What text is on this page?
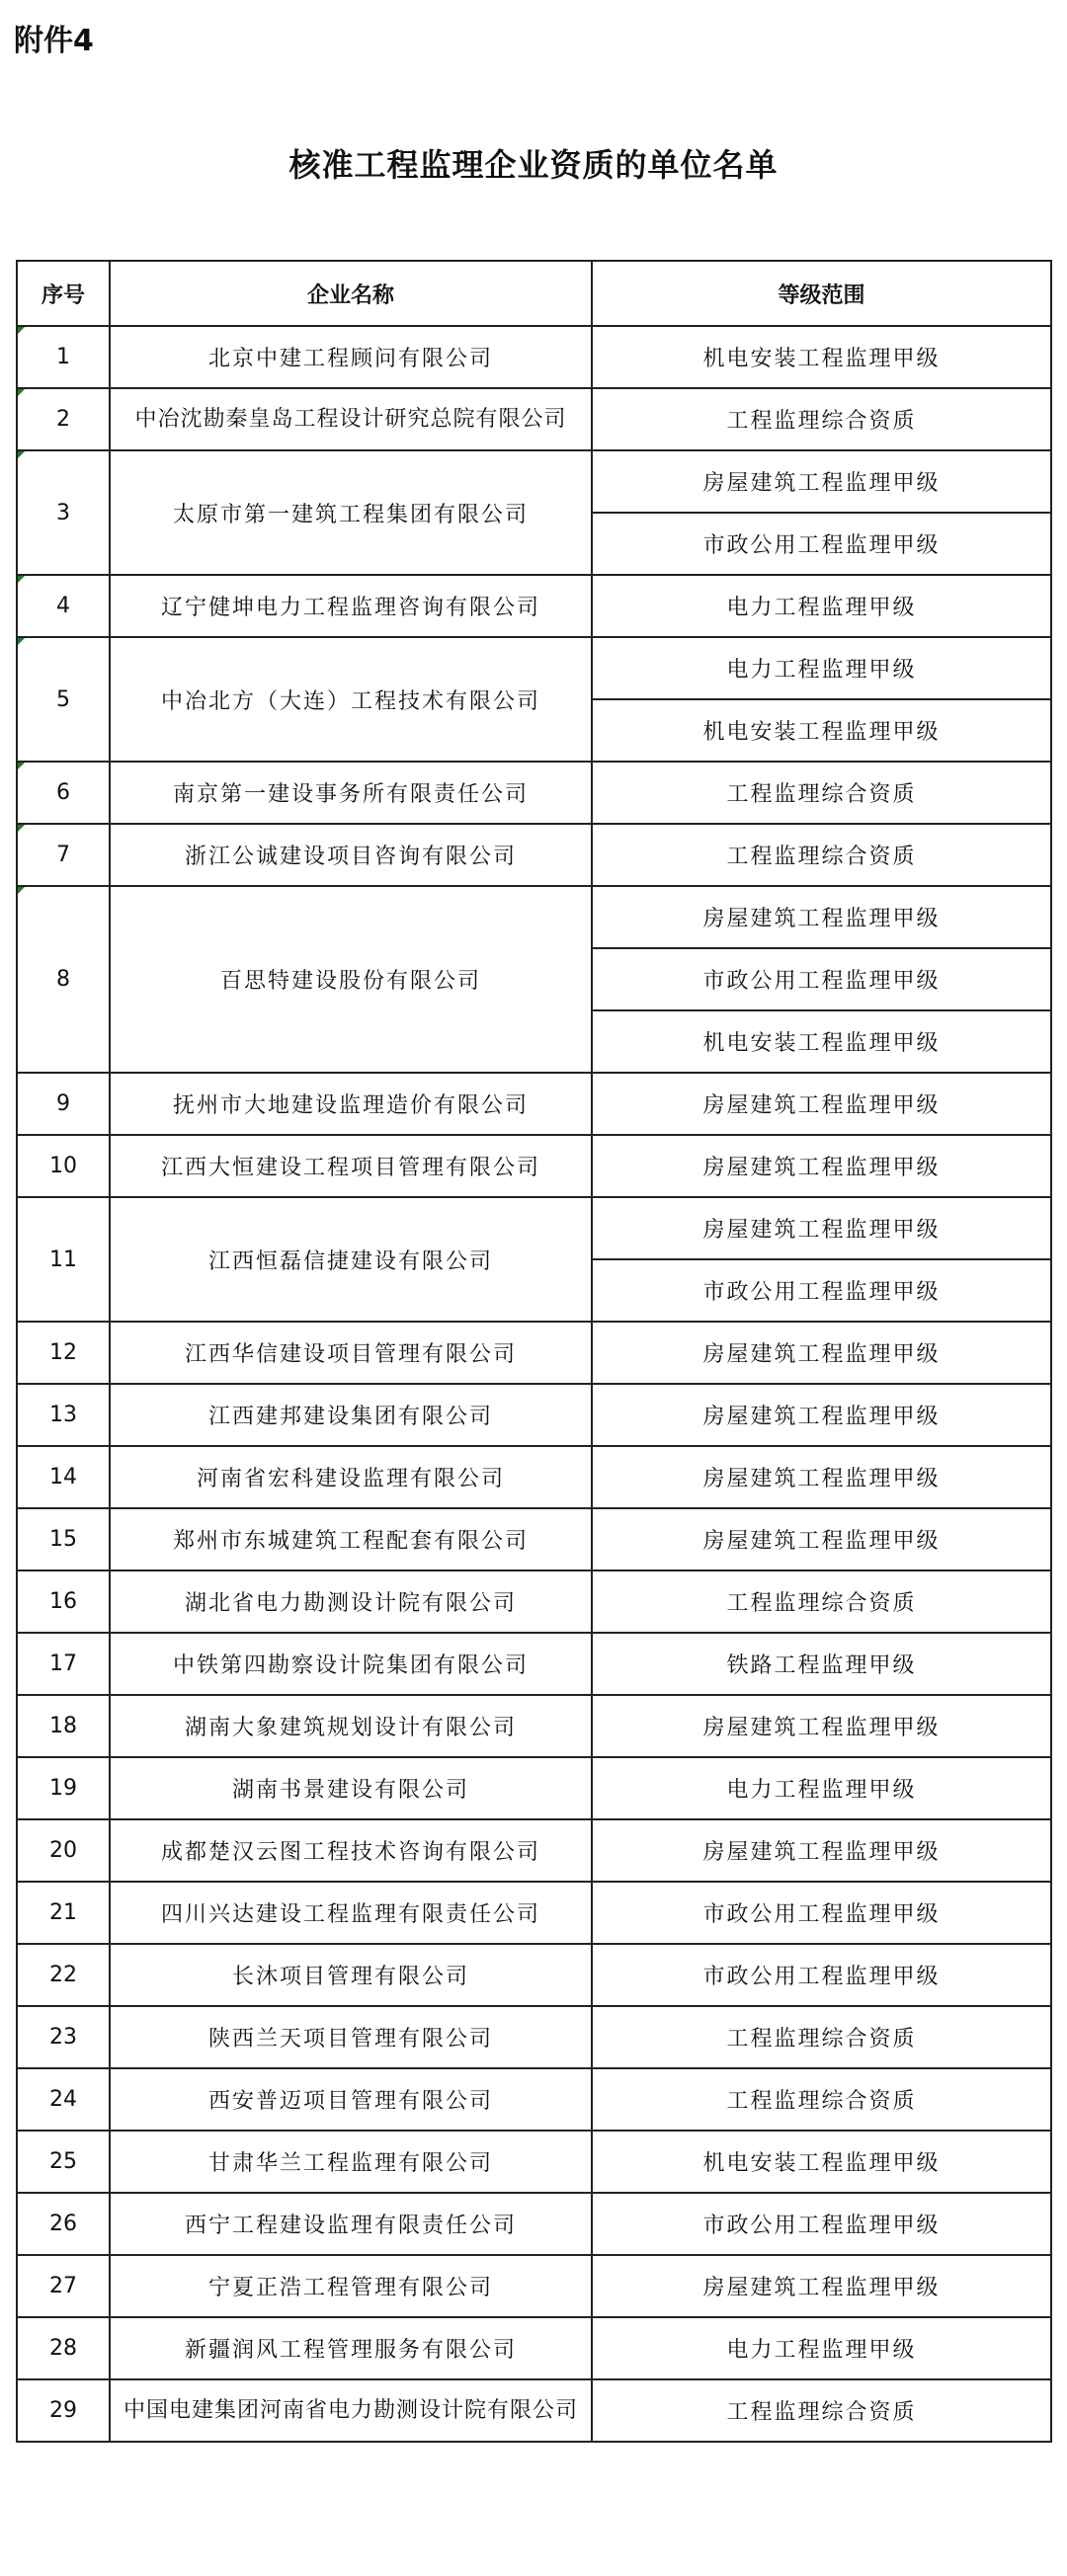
附件4
核准工程监理企业资质的单位名单
序号	企业名称	等级范围
1	北京中建工程顾问有限公司	机电安装工程监理甲级
2	中冶沈勘秦皇岛工程设计研究总院有限公司	工程监理综合资质
3	太原市第一建筑工程集团有限公司	房屋建筑工程监理甲级
		市政公用工程监理甲级
4	辽宁健坤电力工程监理咨询有限公司	电力工程监理甲级
5	中冶北方（大连）工程技术有限公司	电力工程监理甲级
		机电安装工程监理甲级
6	南京第一建设事务所有限责任公司	工程监理综合资质
7	浙江公诚建设项目咨询有限公司	工程监理综合资质
8	百思特建设股份有限公司	房屋建筑工程监理甲级
		市政公用工程监理甲级
		机电安装工程监理甲级
9	抚州市大地建设监理造价有限公司	房屋建筑工程监理甲级
10	江西大恒建设工程项目管理有限公司	房屋建筑工程监理甲级
11	江西恒磊信捷建设有限公司	房屋建筑工程监理甲级
		市政公用工程监理甲级
12	江西华信建设项目管理有限公司	房屋建筑工程监理甲级
13	江西建邦建设集团有限公司	房屋建筑工程监理甲级
14	河南省宏科建设监理有限公司	房屋建筑工程监理甲级
15	郑州市东城建筑工程配套有限公司	房屋建筑工程监理甲级
16	湖北省电力勘测设计院有限公司	工程监理综合资质
17	中铁第四勘察设计院集团有限公司	铁路工程监理甲级
18	湖南大象建筑规划设计有限公司	房屋建筑工程监理甲级
19	湖南书景建设有限公司	电力工程监理甲级
20	成都楚汉云图工程技术咨询有限公司	房屋建筑工程监理甲级
21	四川兴达建设工程监理有限责任公司	市政公用工程监理甲级
22	长沐项目管理有限公司	市政公用工程监理甲级
23	陕西兰天项目管理有限公司	工程监理综合资质
24	西安普迈项目管理有限公司	工程监理综合资质
25	甘肃华兰工程监理有限公司	机电安装工程监理甲级
26	西宁工程建设监理有限责任公司	市政公用工程监理甲级
27	宁夏正浩工程管理有限公司	房屋建筑工程监理甲级
28	新疆润风工程管理服务有限公司	电力工程监理甲级
29	中国电建集团河南省电力勘测设计院有限公司	工程监理综合资质
